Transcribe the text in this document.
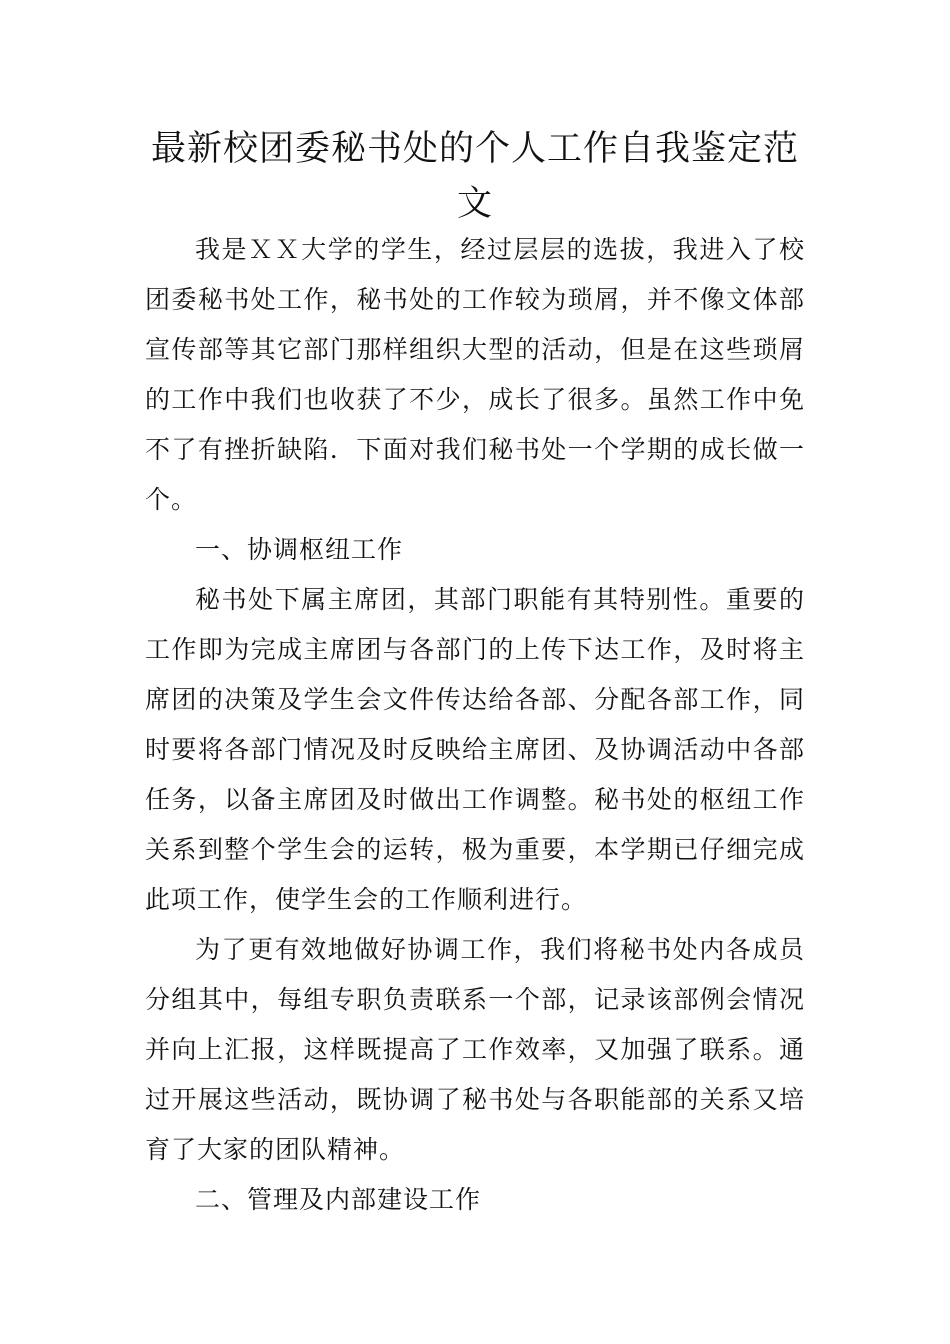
最新校团委秘书处的个人工作自我鉴定范文

我是ＸＸ大学的学生，经过层层的选拔，我进入了校团委秘书处工作，秘书处的工作较为琐屑，并不像文体部宣传部等其它部门那样组织大型的活动，但是在这些琐屑的工作中我们也收获了不少，成长了很多。虽然工作中免不了有挫折缺陷．下面对我们秘书处一个学期的成长做一个。

一、协调枢纽工作

秘书处下属主席团，其部门职能有其特别性。重要的工作即为完成主席团与各部门的上传下达工作，及时将主席团的决策及学生会文件传达给各部、分配各部工作，同时要将各部门情况及时反映给主席团、及协调活动中各部任务，以备主席团及时做出工作调整。秘书处的枢纽工作关系到整个学生会的运转，极为重要，本学期已仔细完成此项工作，使学生会的工作顺利进行。

为了更有效地做好协调工作，我们将秘书处内各成员分组其中，每组专职负责联系一个部，记录该部例会情况并向上汇报，这样既提高了工作效率，又加强了联系。通过开展这些活动，既协调了秘书处与各职能部的关系又培育了大家的团队精神。

二、管理及内部建设工作
